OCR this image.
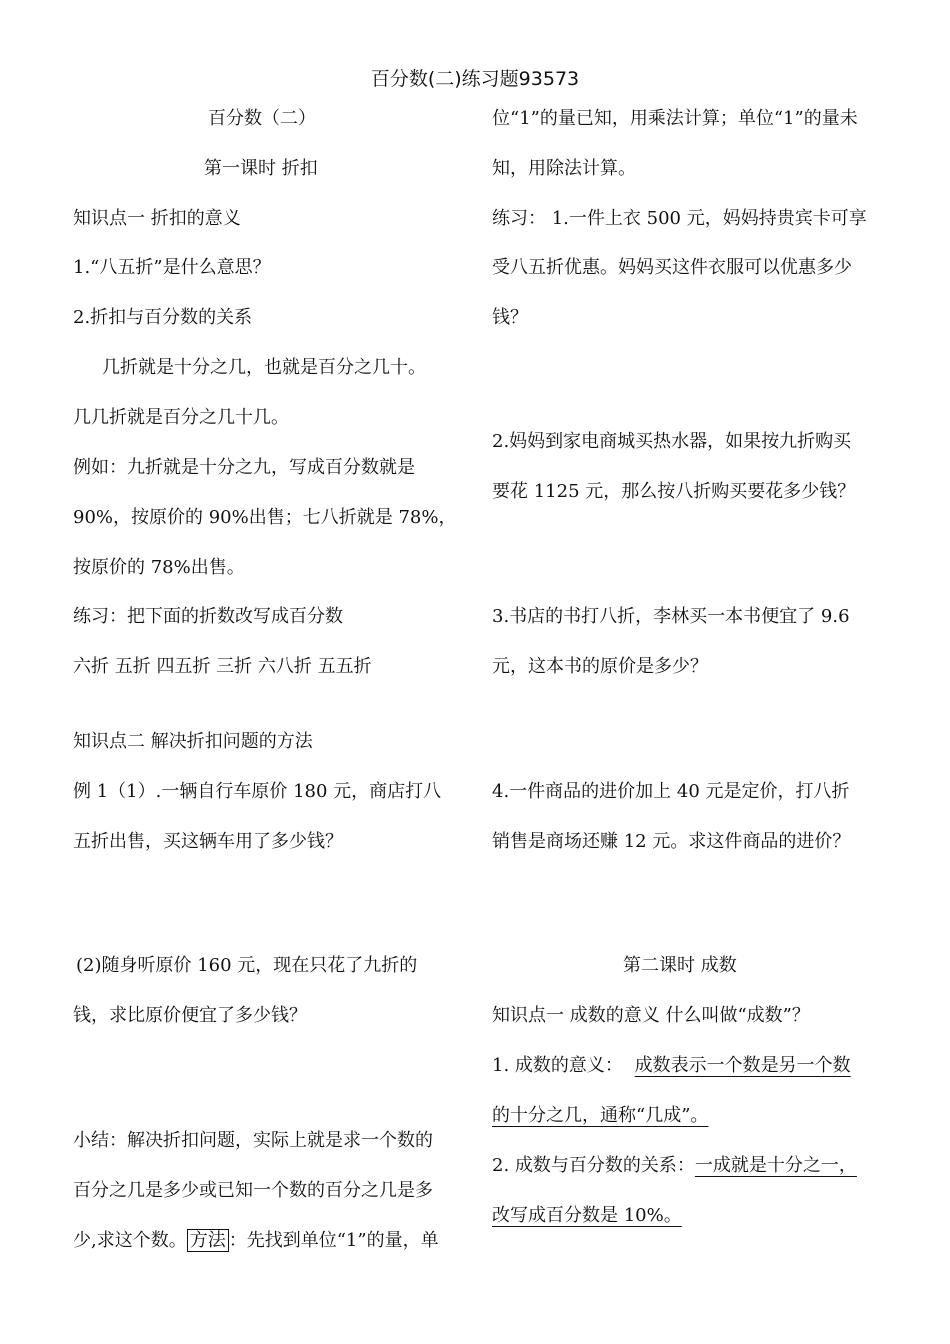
百分数(二)练习题93573
百分数（二）
第一课时 折扣
知识点一 折扣的意义
1.“八五折”是什么意思？
2.折扣与百分数的关系
几折就是十分之几，也就是百分之几十。
几几折就是百分之几十几。
例如：九折就是十分之九，写成百分数就是
90%，按原价的 90%出售；七八折就是 78%，
按原价的 78%出售。
练习：把下面的折数改写成百分数
六折 五折 四五折 三折 六八折 五五折
知识点二 解决折扣问题的方法
例 1（1）.一辆自行车原价 180 元，商店打八
五折出售，买这辆车用了多少钱？
(2)随身听原价 160 元，现在只花了九折的
钱，求比原价便宜了多少钱？
小结：解决折扣问题，实际上就是求一个数的
百分之几是多少或已知一个数的百分之几是多
少,求这个数。 方法 ：先找到单位“1”的量，单
位“1”的量已知，用乘法计算；单位“1”的量未
知，用除法计算。
练习： 1.一件上衣 500 元，妈妈持贵宾卡可享
受八五折优惠。妈妈买这件衣服可以优惠多少
钱？
2.妈妈到家电商城买热水器，如果按九折购买
要花 1125 元，那么按八折购买要花多少钱？
3.书店的书打八折，李林买一本书便宜了 9.6
元，这本书的原价是多少？
4.一件商品的进价加上 40 元是定价，打八折
销售是商场还赚 12 元。求这件商品的进价？
第二课时 成数
知识点一 成数的意义 什么叫做“成数”？
1. 成数的意义： 成数表示一个数是另一个数
的十分之几，通称“几成”。
2. 成数与百分数的关系：一成就是十分之一，
改写成百分数是 10%。
